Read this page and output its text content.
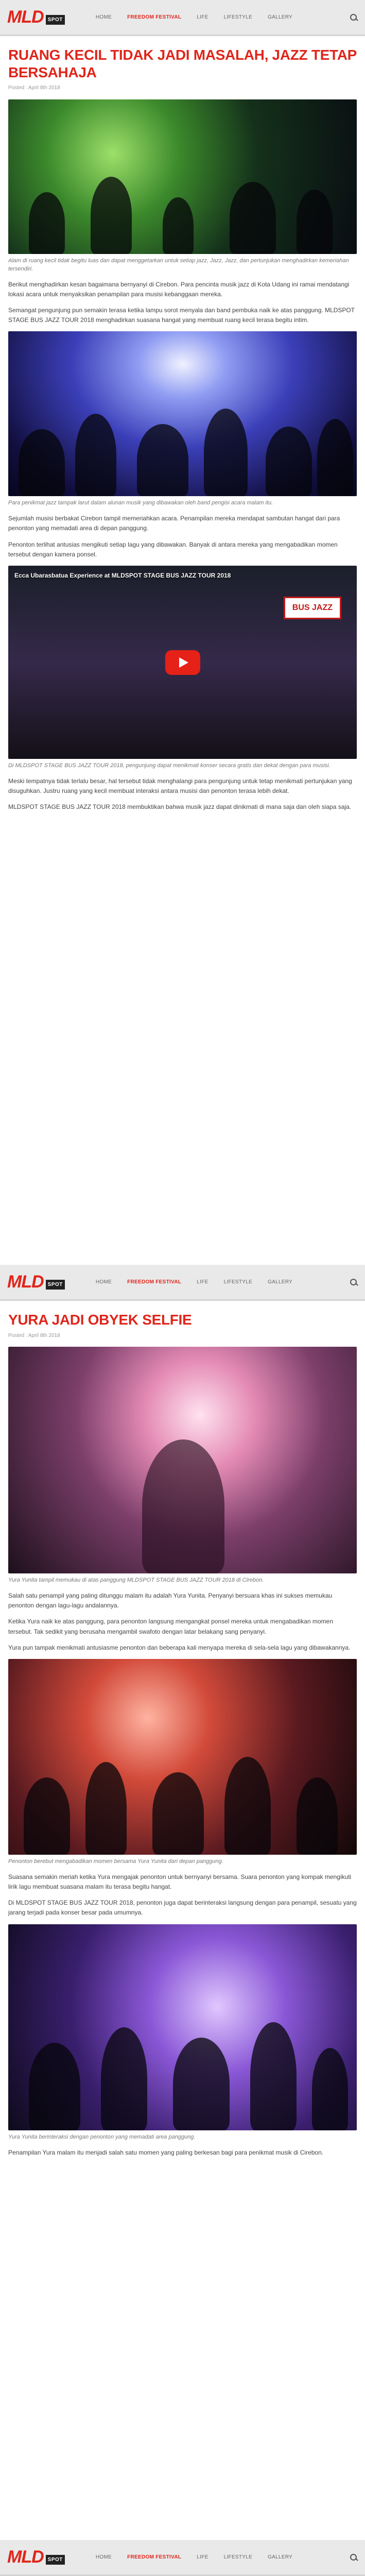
MLD SPOT	HOME	FREEDOM FESTIVAL	LIFE	LIFESTYLE	GALLERY
RUANG KECIL TIDAK JADI MASALAH, JAZZ TETAP BERSAHAJA
Posted : April 8th 2018

Alam di ruang kecil tidak begitu luas dan dapat menggetarkan untuk setiap jazz, Jazz, Jazz, dan pertunjukan menghadirkan kemeriahan tersendiri.

Berikut menghadirkan kesan bagaimana bernyanyi di Cirebon. Para pencinta musik jazz di Kota Udang ini ramai mendatangi lokasi acara untuk menyaksikan penampilan para musisi kebanggaan mereka.

Semangat pengunjung pun semakin terasa ketika lampu sorot menyala dan band pembuka naik ke atas panggung. MLDSPOT STAGE BUS JAZZ TOUR 2018 menghadirkan suasana hangat yang membuat ruang kecil terasa begitu intim.

Para penikmat jazz tampak larut dalam alunan musik yang dibawakan oleh band pengisi acara malam itu.

Sejumlah musisi berbakat Cirebon tampil memeriahkan acara. Penampilan mereka mendapat sambutan hangat dari para penonton yang memadati area di depan panggung.

Penonton terlihat antusias mengikuti setiap lagu yang dibawakan. Banyak di antara mereka yang mengabadikan momen tersebut dengan kamera ponsel.

Ecca Ubarasbatua Experience at MLDSPOT STAGE BUS JAZZ TOUR 2018
BUS JAZZ

Di MLDSPOT STAGE BUS JAZZ TOUR 2018, pengunjung dapat menikmati konser secara gratis dan dekat dengan para musisi.

Meski tempatnya tidak terlalu besar, hal tersebut tidak menghalangi para pengunjung untuk tetap menikmati pertunjukan yang disuguhkan. Justru ruang yang kecil membuat interaksi antara musisi dan penonton terasa lebih dekat.

MLDSPOT STAGE BUS JAZZ TOUR 2018 membuktikan bahwa musik jazz dapat dinikmati di mana saja dan oleh siapa saja.

MLD SPOT	HOME	FREEDOM FESTIVAL	LIFE	LIFESTYLE	GALLERY
YURA JADI OBYEK SELFIE
Posted : April 8th 2018

Yura Yunita tampil memukau di atas panggung MLDSPOT STAGE BUS JAZZ TOUR 2018 di Cirebon.

Salah satu penampil yang paling ditunggu malam itu adalah Yura Yunita. Penyanyi bersuara khas ini sukses memukau penonton dengan lagu-lagu andalannya.

Ketika Yura naik ke atas panggung, para penonton langsung mengangkat ponsel mereka untuk mengabadikan momen tersebut. Tak sedikit yang berusaha mengambil swafoto dengan latar belakang sang penyanyi.

Yura pun tampak menikmati antusiasme penonton dan beberapa kali menyapa mereka di sela-sela lagu yang dibawakannya.

Penonton berebut mengabadikan momen bersama Yura Yunita dari depan panggung.

Suasana semakin meriah ketika Yura mengajak penonton untuk bernyanyi bersama. Suara penonton yang kompak mengikuti lirik lagu membuat suasana malam itu terasa begitu hangat.

Di MLDSPOT STAGE BUS JAZZ TOUR 2018, penonton juga dapat berinteraksi langsung dengan para penampil, sesuatu yang jarang terjadi pada konser besar pada umumnya.

Yura Yunita berinteraksi dengan penonton yang memadati area panggung.

Penampilan Yura malam itu menjadi salah satu momen yang paling berkesan bagi para penikmat musik di Cirebon.

MLD SPOT	HOME	FREEDOM FESTIVAL	LIFE	LIFESTYLE	GALLERY
